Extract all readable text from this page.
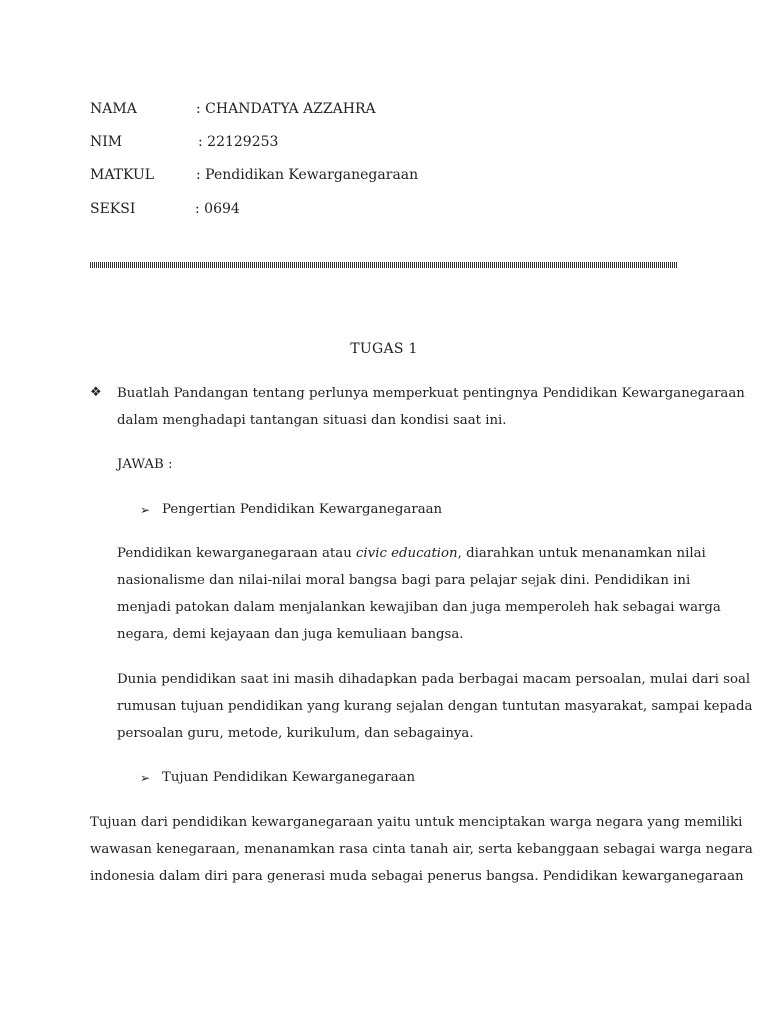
NAMA	: CHANDATYA AZZAHRA
NIM	: 22129253
MATKUL	: Pendidikan Kewarganegaraan
SEKSI	: 0694
TUGAS 1
❖ Buatlah Pandangan tentang perlunya memperkuat pentingnya Pendidikan Kewarganegaraan
dalam menghadapi tantangan situasi dan kondisi saat ini.
JAWAB :
➢ Pengertian Pendidikan Kewarganegaraan
Pendidikan kewarganegaraan atau civic education, diarahkan untuk menanamkan nilai
nasionalisme dan nilai-nilai moral bangsa bagi para pelajar sejak dini. Pendidikan ini
menjadi patokan dalam menjalankan kewajiban dan juga memperoleh hak sebagai warga
negara, demi kejayaan dan juga kemuliaan bangsa.
Dunia pendidikan saat ini masih dihadapkan pada berbagai macam persoalan, mulai dari soal
rumusan tujuan pendidikan yang kurang sejalan dengan tuntutan masyarakat, sampai kepada
persoalan guru, metode, kurikulum, dan sebagainya.
➢ Tujuan Pendidikan Kewarganegaraan
Tujuan dari pendidikan kewarganegaraan yaitu untuk menciptakan warga negara yang memiliki
wawasan kenegaraan, menanamkan rasa cinta tanah air, serta kebanggaan sebagai warga negara
indonesia dalam diri para generasi muda sebagai penerus bangsa. Pendidikan kewarganegaraan
